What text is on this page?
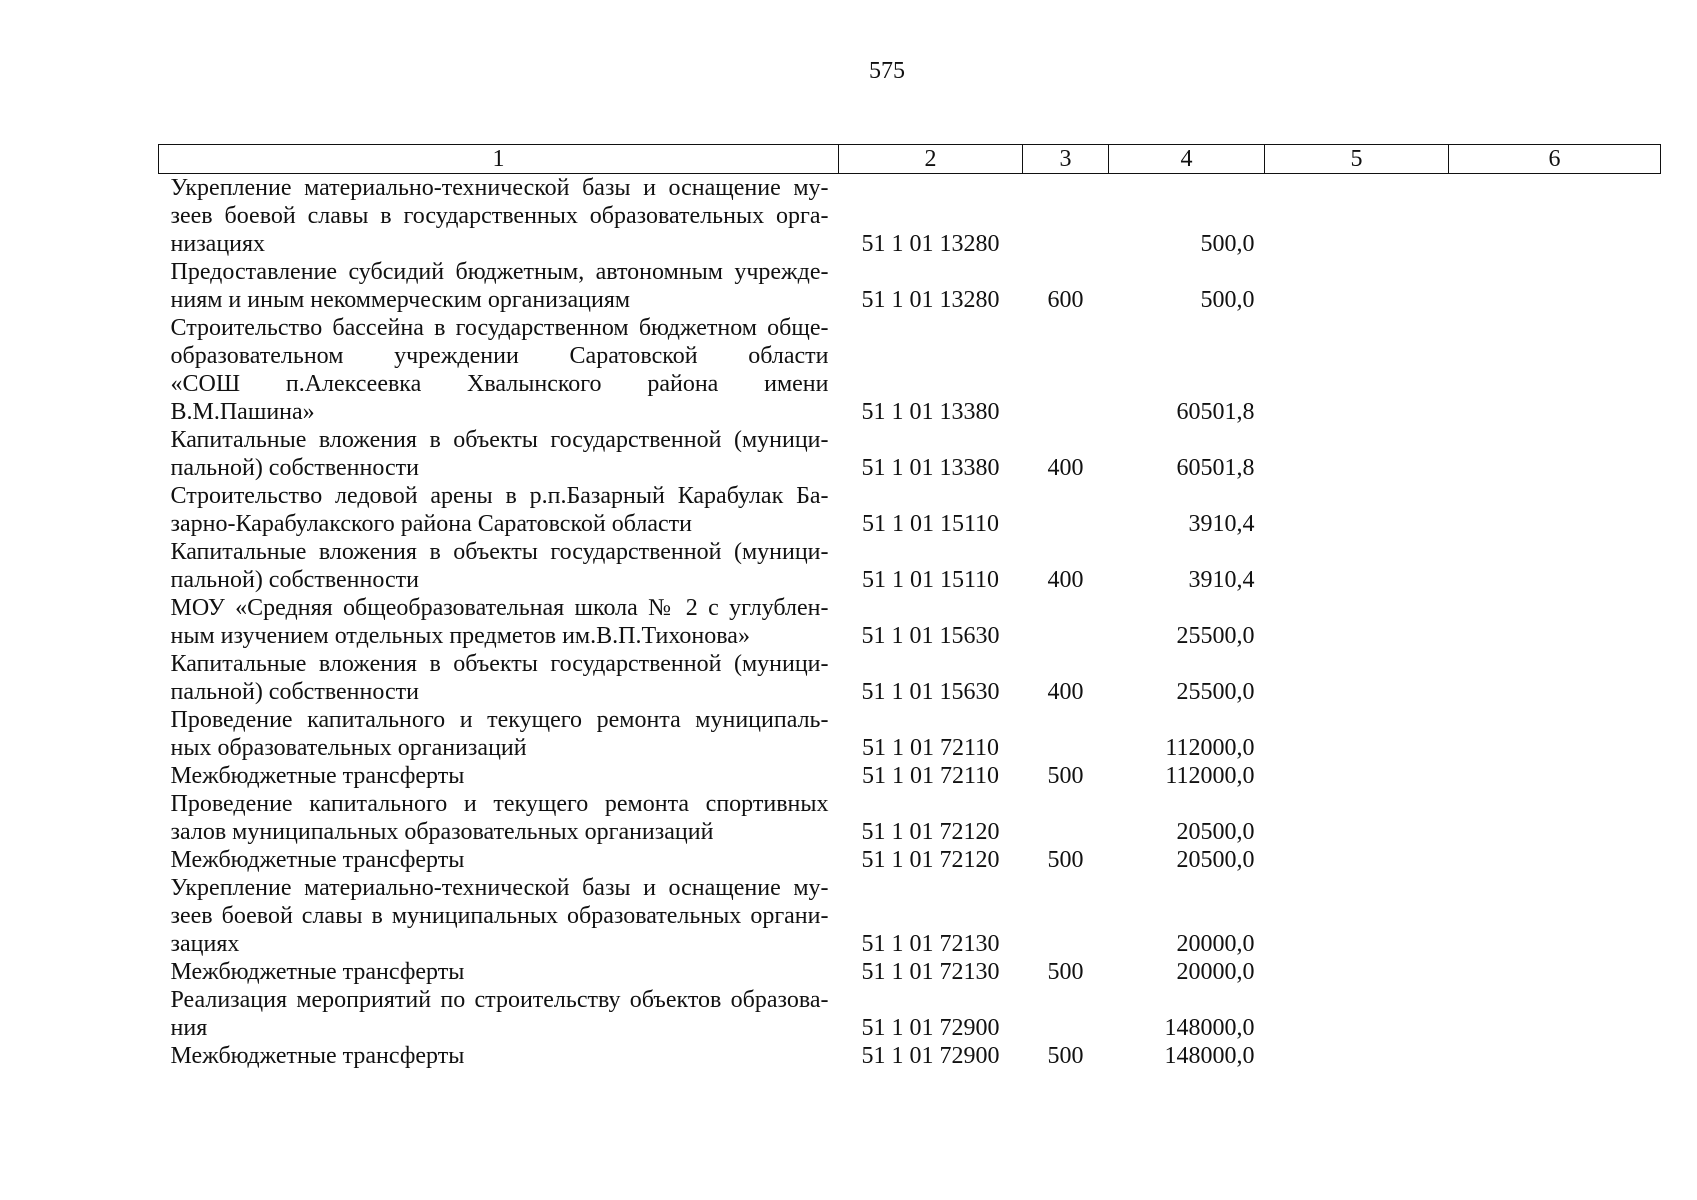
575
1	2	3	4	5	6

Укрепление материально-технической базы и оснащение му-
зеев боевой славы в государственных образовательных орга-
низациях	51 1 01 13280		500,0		

Предоставление субсидий бюджетным, автономным учрежде-
ниям и иным некоммерческим организациям	51 1 01 13280	600	500,0		

Строительство бассейна в государственном бюджетном обще-
образовательном учреждении Саратовской области
«СОШ п.Алексеевка Хвалынского района имени
В.М.Пашина»	51 1 01 13380		60501,8		

Капитальные вложения в объекты государственной (муници-
пальной) собственности	51 1 01 13380	400	60501,8		

Строительство ледовой арены в р.п.Базарный Карабулак Ба-
зарно-Карабулакского района Саратовской области	51 1 01 15110		3910,4		

Капитальные вложения в объекты государственной (муници-
пальной) собственности	51 1 01 15110	400	3910,4		

МОУ «Средняя общеобразовательная школа № 2 с углублен-
ным изучением отдельных предметов им.В.П.Тихонова»	51 1 01 15630		25500,0		

Капитальные вложения в объекты государственной (муници-
пальной) собственности	51 1 01 15630	400	25500,0		

Проведение капитального и текущего ремонта муниципаль-
ных образовательных организаций	51 1 01 72110		112000,0		

Межбюджетные трансферты	51 1 01 72110	500	112000,0		

Проведение капитального и текущего ремонта спортивных
залов муниципальных образовательных организаций	51 1 01 72120		20500,0		

Межбюджетные трансферты	51 1 01 72120	500	20500,0		

Укрепление материально-технической базы и оснащение му-
зеев боевой славы в муниципальных образовательных органи-
зациях	51 1 01 72130		20000,0		

Межбюджетные трансферты	51 1 01 72130	500	20000,0		

Реализация мероприятий по строительству объектов образова-
ния	51 1 01 72900		148000,0		

Межбюджетные трансферты	51 1 01 72900	500	148000,0		
